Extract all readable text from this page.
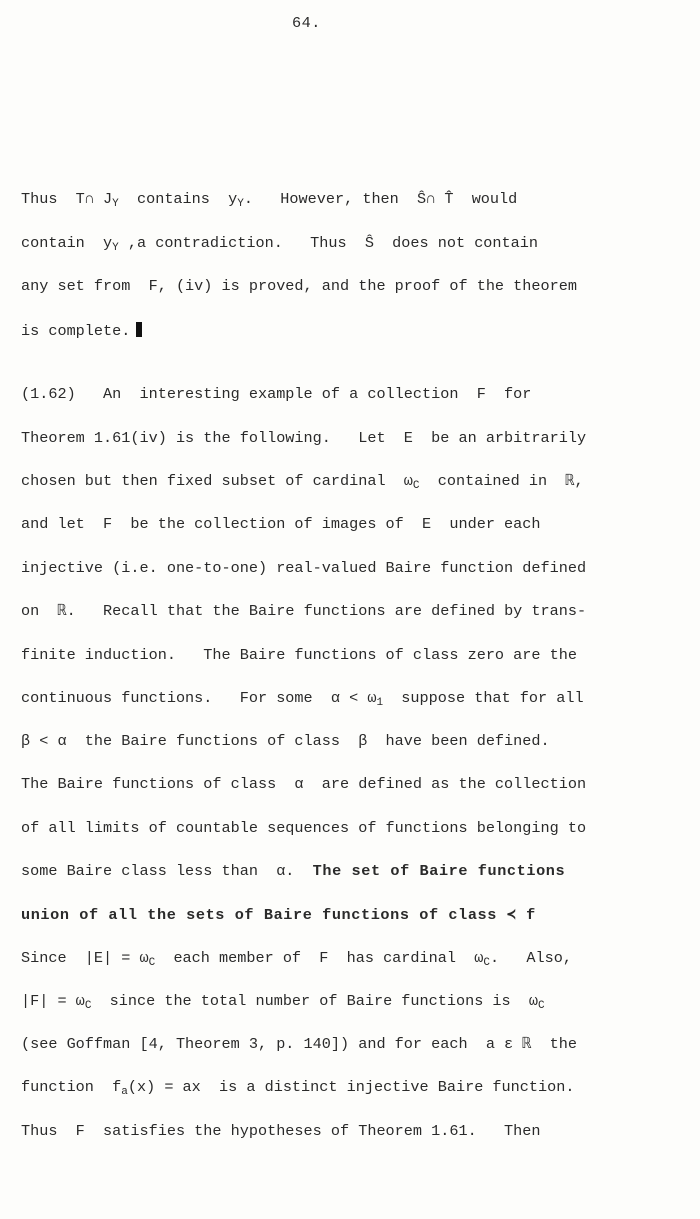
64.
Thus  T∩ $J_Y$  contains  $y_Y$.   However, then  Ŝ∩ T̂  would
contain  $y_Y$ ,a contradiction.   Thus  Ŝ  does not contain
any set from  F, (iv) is proved, and the proof of the theorem
is complete.
(1.62)   An  interesting example of a collection  F  for
Theorem 1.61(iv) is the following.   Let  E  be an arbitrarily
chosen but then fixed subset of cardinal  $\omega_C$  contained in  ℝ,
and let  F  be the collection of images of  E  under each
injective (i.e. one-to-one) real-valued Baire function defined
on  ℝ.   Recall that the Baire functions are defined by trans-
finite induction.   The Baire functions of class zero are the
continuous functions.   For some  $\alpha < \omega_1$  suppose that for all
β < α  the Baire functions of class  β  have been defined.
The Baire functions of class  α  are defined as the collection
of all limits of countable sequences of functions belonging to
some Baire class less than  α. The set of Baire functions
union of all the sets of Baire functions of class ≺ f
Since  $|E| = \omega_C$  each member of  F  has cardinal  $\omega_C$.   Also,
$|F| = \omega_C$  since the total number of Baire functions is  $\omega_C$
(see Goffman [4, Theorem 3, p. 140]) and for each  a ε ℝ  the
function  $f_a(x)$ = ax  is a distinct injective Baire function.
Thus  F  satisfies the hypotheses of Theorem 1.61.   Then
